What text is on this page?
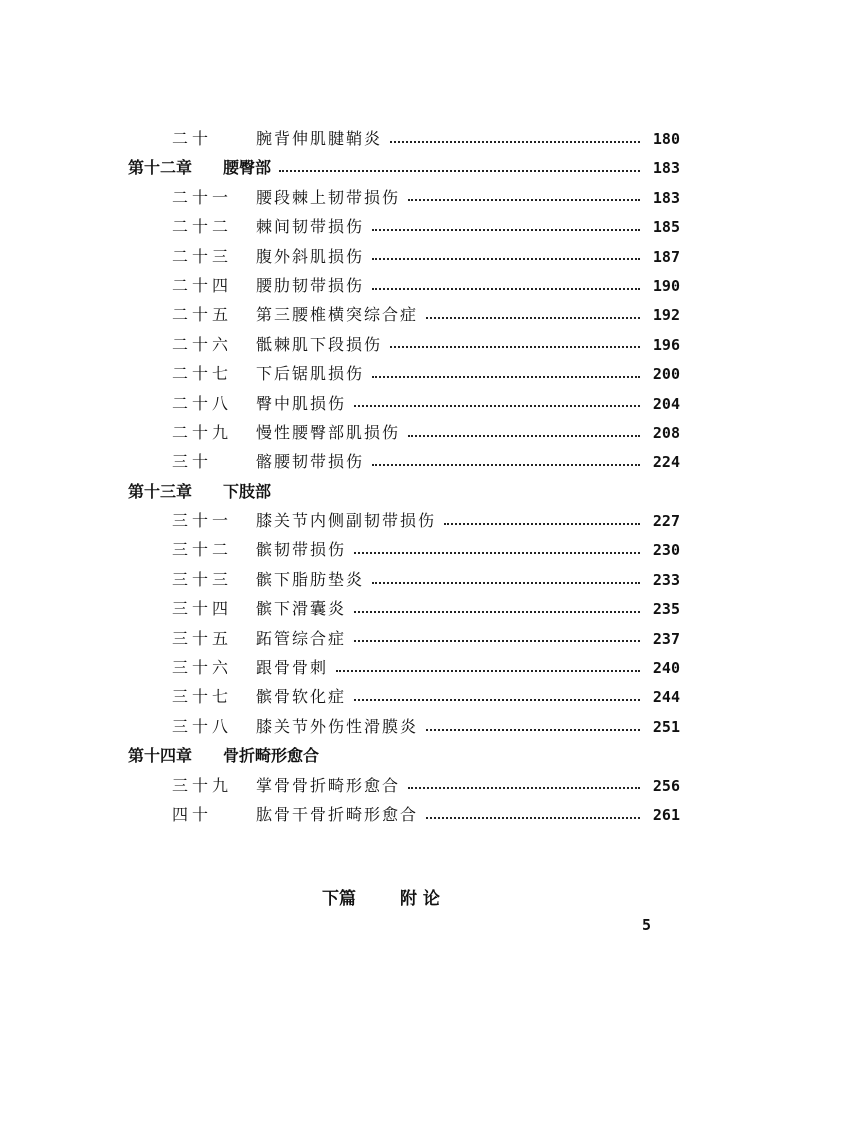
二十	腕背伸肌腱鞘炎	180
第十二章	腰臀部	183
二十一	腰段棘上韧带损伤	183
二十二	棘间韧带损伤	185
二十三	腹外斜肌损伤	187
二十四	腰肋韧带损伤	190
二十五	第三腰椎横突综合症	192
二十六	骶棘肌下段损伤	196
二十七	下后锯肌损伤	200
二十八	臀中肌损伤	204
二十九	慢性腰臀部肌损伤	208
三十	髂腰韧带损伤	224
第十三章	下肢部
三十一	膝关节内侧副韧带损伤	227
三十二	髌韧带损伤	230
三十三	髌下脂肪垫炎	233
三十四	髌下滑囊炎	235
三十五	跖管综合症	237
三十六	跟骨骨刺	240
三十七	髌骨软化症	244
三十八	膝关节外伤性滑膜炎	251
第十四章	骨折畸形愈合
三十九	掌骨骨折畸形愈合	256
四十	肱骨干骨折畸形愈合	261
下篇	附 论
5
